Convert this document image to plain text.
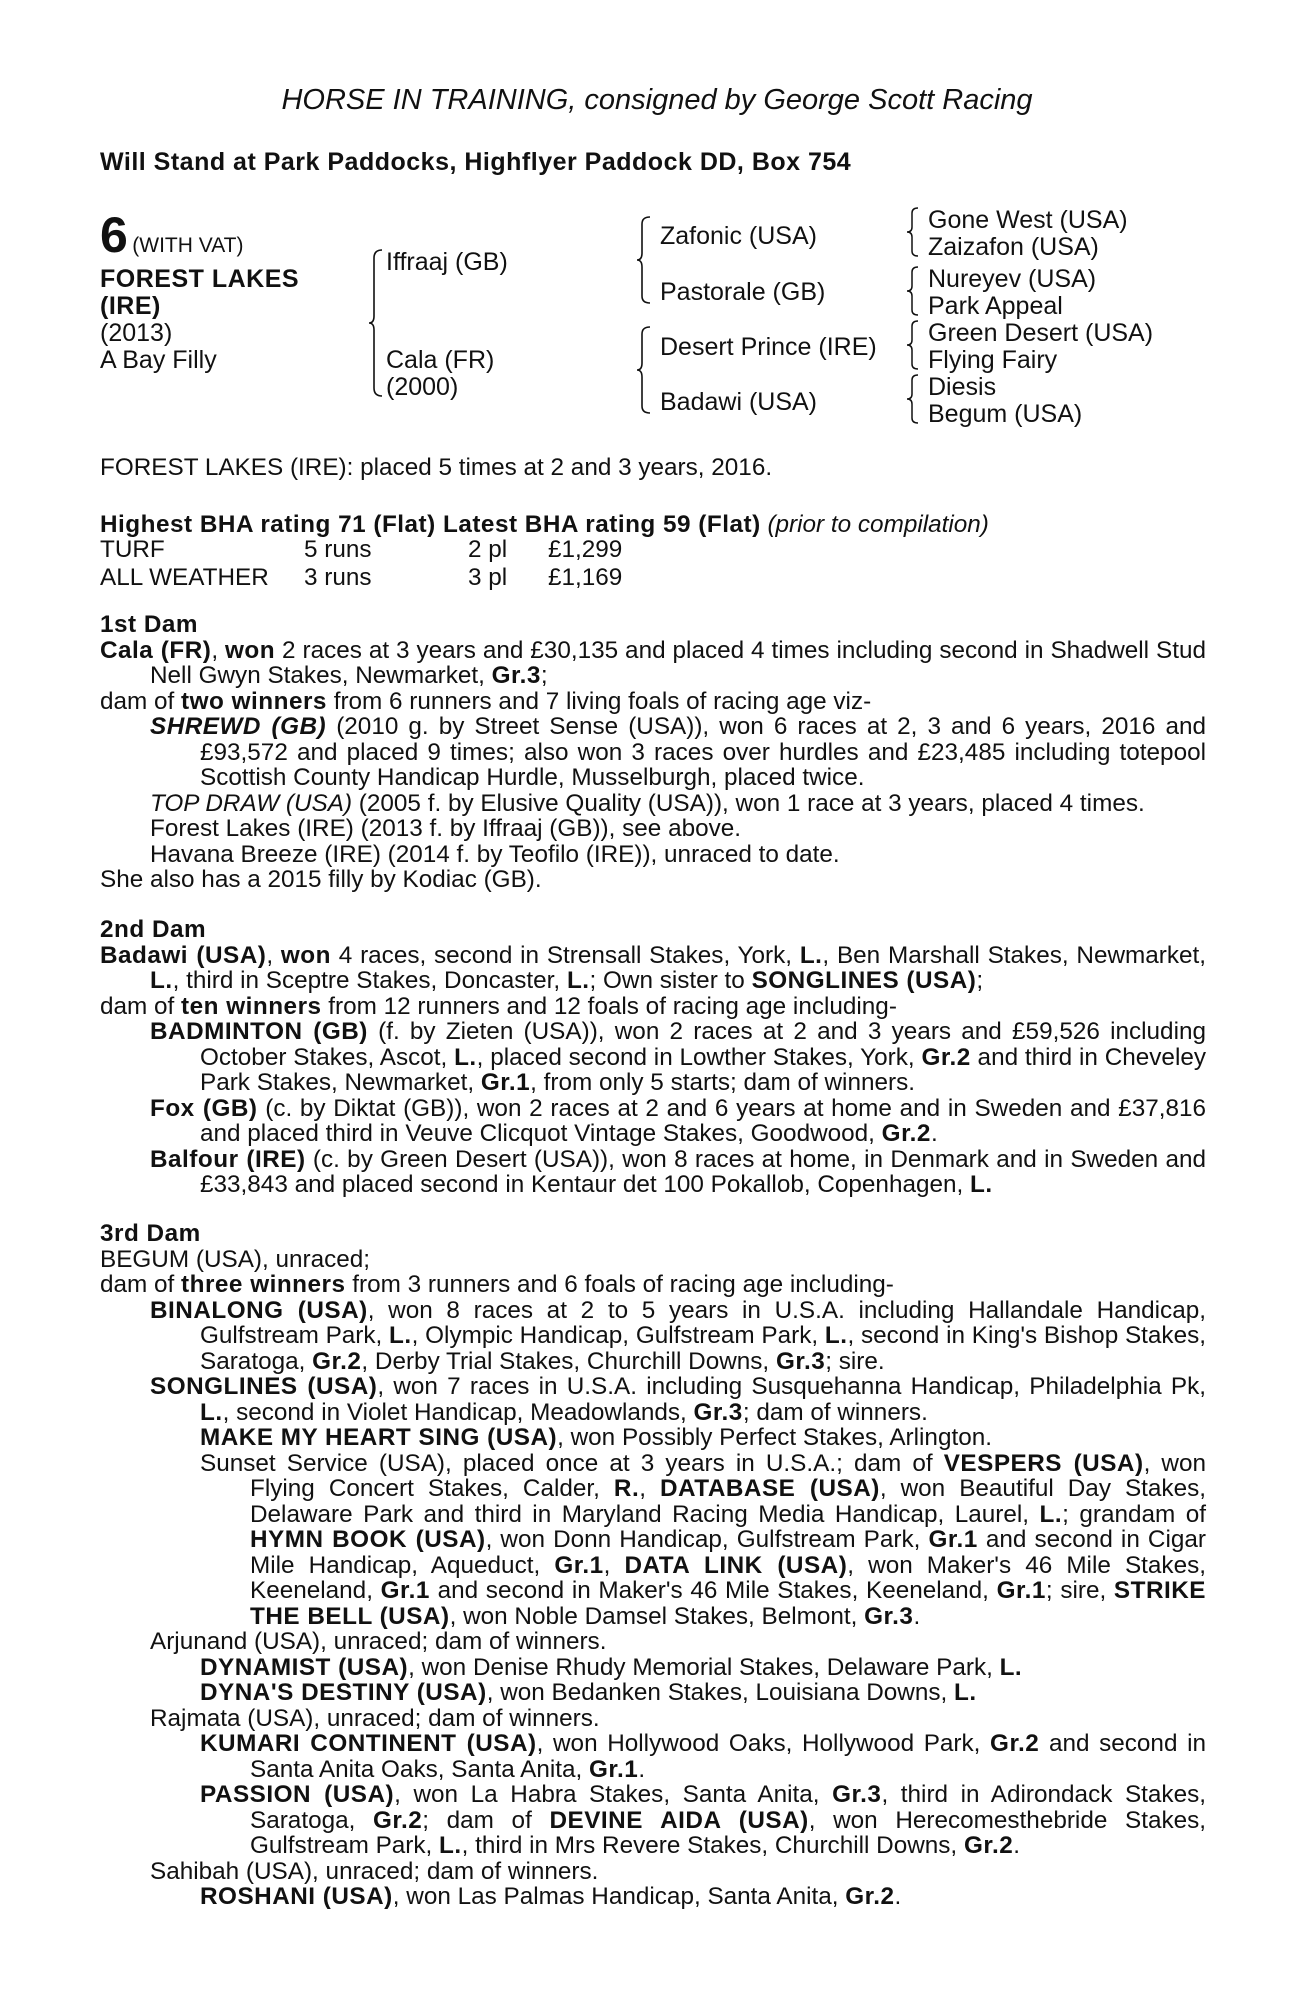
HORSE IN TRAINING, consigned by George Scott Racing
Will Stand at Park Paddocks, Highflyer Paddock DD, Box 754
6 (WITH VAT)
FOREST LAKES
(IRE)
(2013)
A Bay Filly
Iffraaj (GB)
Cala (FR)
(2000)
Zafonic (USA)
Pastorale (GB)
Desert Prince (IRE)
Badawi (USA)
Gone West (USA)
Zaizafon (USA)
Nureyev (USA)
Park Appeal
Green Desert (USA)
Flying Fairy
Diesis
Begum (USA)
FOREST LAKES (IRE): placed 5 times at 2 and 3 years, 2016.
Highest BHA rating 71 (Flat) Latest BHA rating 59 (Flat) (prior to compilation)
TURF	5 runs	2 pl	£1,299
ALL WEATHER	3 runs	3 pl	£1,169

1st Dam

Cala (FR), won 2 races at 3 years and £30,135 and placed 4 times including second in Shadwell Stud Nell Gwyn Stakes, Newmarket, Gr.3;

dam of two winners from 6 runners and 7 living foals of racing age viz-

SHREWD (GB) (2010 g. by Street Sense (USA)), won 6 races at 2, 3 and 6 years, 2016 and £93,572 and placed 9 times; also won 3 races over hurdles and £23,485 including totepool Scottish County Handicap Hurdle, Musselburgh, placed twice.

TOP DRAW (USA) (2005 f. by Elusive Quality (USA)), won 1 race at 3 years, placed 4 times.

Forest Lakes (IRE) (2013 f. by Iffraaj (GB)), see above.

Havana Breeze (IRE) (2014 f. by Teofilo (IRE)), unraced to date.

She also has a 2015 filly by Kodiac (GB).

2nd Dam

Badawi (USA), won 4 races, second in Strensall Stakes, York, L., Ben Marshall Stakes, Newmarket, L., third in Sceptre Stakes, Doncaster, L.; Own sister to SONGLINES (USA);

dam of ten winners from 12 runners and 12 foals of racing age including-

BADMINTON (GB) (f. by Zieten (USA)), won 2 races at 2 and 3 years and £59,526 including October Stakes, Ascot, L., placed second in Lowther Stakes, York, Gr.2 and third in Cheveley Park Stakes, Newmarket, Gr.1, from only 5 starts; dam of winners.

Fox (GB) (c. by Diktat (GB)), won 2 races at 2 and 6 years at home and in Sweden and £37,816 and placed third in Veuve Clicquot Vintage Stakes, Goodwood, Gr.2.

Balfour (IRE) (c. by Green Desert (USA)), won 8 races at home, in Denmark and in Sweden and £33,843 and placed second in Kentaur det 100 Pokallob, Copenhagen, L.

3rd Dam

BEGUM (USA), unraced;

dam of three winners from 3 runners and 6 foals of racing age including-

BINALONG (USA), won 8 races at 2 to 5 years in U.S.A. including Hallandale Handicap, Gulfstream Park, L., Olympic Handicap, Gulfstream Park, L., second in King's Bishop Stakes, Saratoga, Gr.2, Derby Trial Stakes, Churchill Downs, Gr.3; sire.

SONGLINES (USA), won 7 races in U.S.A. including Susquehanna Handicap, Philadelphia Pk, L., second in Violet Handicap, Meadowlands, Gr.3; dam of winners.

MAKE MY HEART SING (USA), won Possibly Perfect Stakes, Arlington.

Sunset Service (USA), placed once at 3 years in U.S.A.; dam of VESPERS (USA), won Flying Concert Stakes, Calder, R., DATABASE (USA), won Beautiful Day Stakes, Delaware Park and third in Maryland Racing Media Handicap, Laurel, L.; grandam of HYMN BOOK (USA), won Donn Handicap, Gulfstream Park, Gr.1 and second in Cigar Mile Handicap, Aqueduct, Gr.1, DATA LINK (USA), won Maker's 46 Mile Stakes, Keeneland, Gr.1 and second in Maker's 46 Mile Stakes, Keeneland, Gr.1; sire, STRIKE THE BELL (USA), won Noble Damsel Stakes, Belmont, Gr.3.

Arjunand (USA), unraced; dam of winners.

DYNAMIST (USA), won Denise Rhudy Memorial Stakes, Delaware Park, L.

DYNA'S DESTINY (USA), won Bedanken Stakes, Louisiana Downs, L.

Rajmata (USA), unraced; dam of winners.

KUMARI CONTINENT (USA), won Hollywood Oaks, Hollywood Park, Gr.2 and second in Santa Anita Oaks, Santa Anita, Gr.1.

PASSION (USA), won La Habra Stakes, Santa Anita, Gr.3, third in Adirondack Stakes, Saratoga, Gr.2; dam of DEVINE AIDA (USA), won Herecomesthebride Stakes, Gulfstream Park, L., third in Mrs Revere Stakes, Churchill Downs, Gr.2.

Sahibah (USA), unraced; dam of winners.

ROSHANI (USA), won Las Palmas Handicap, Santa Anita, Gr.2.
